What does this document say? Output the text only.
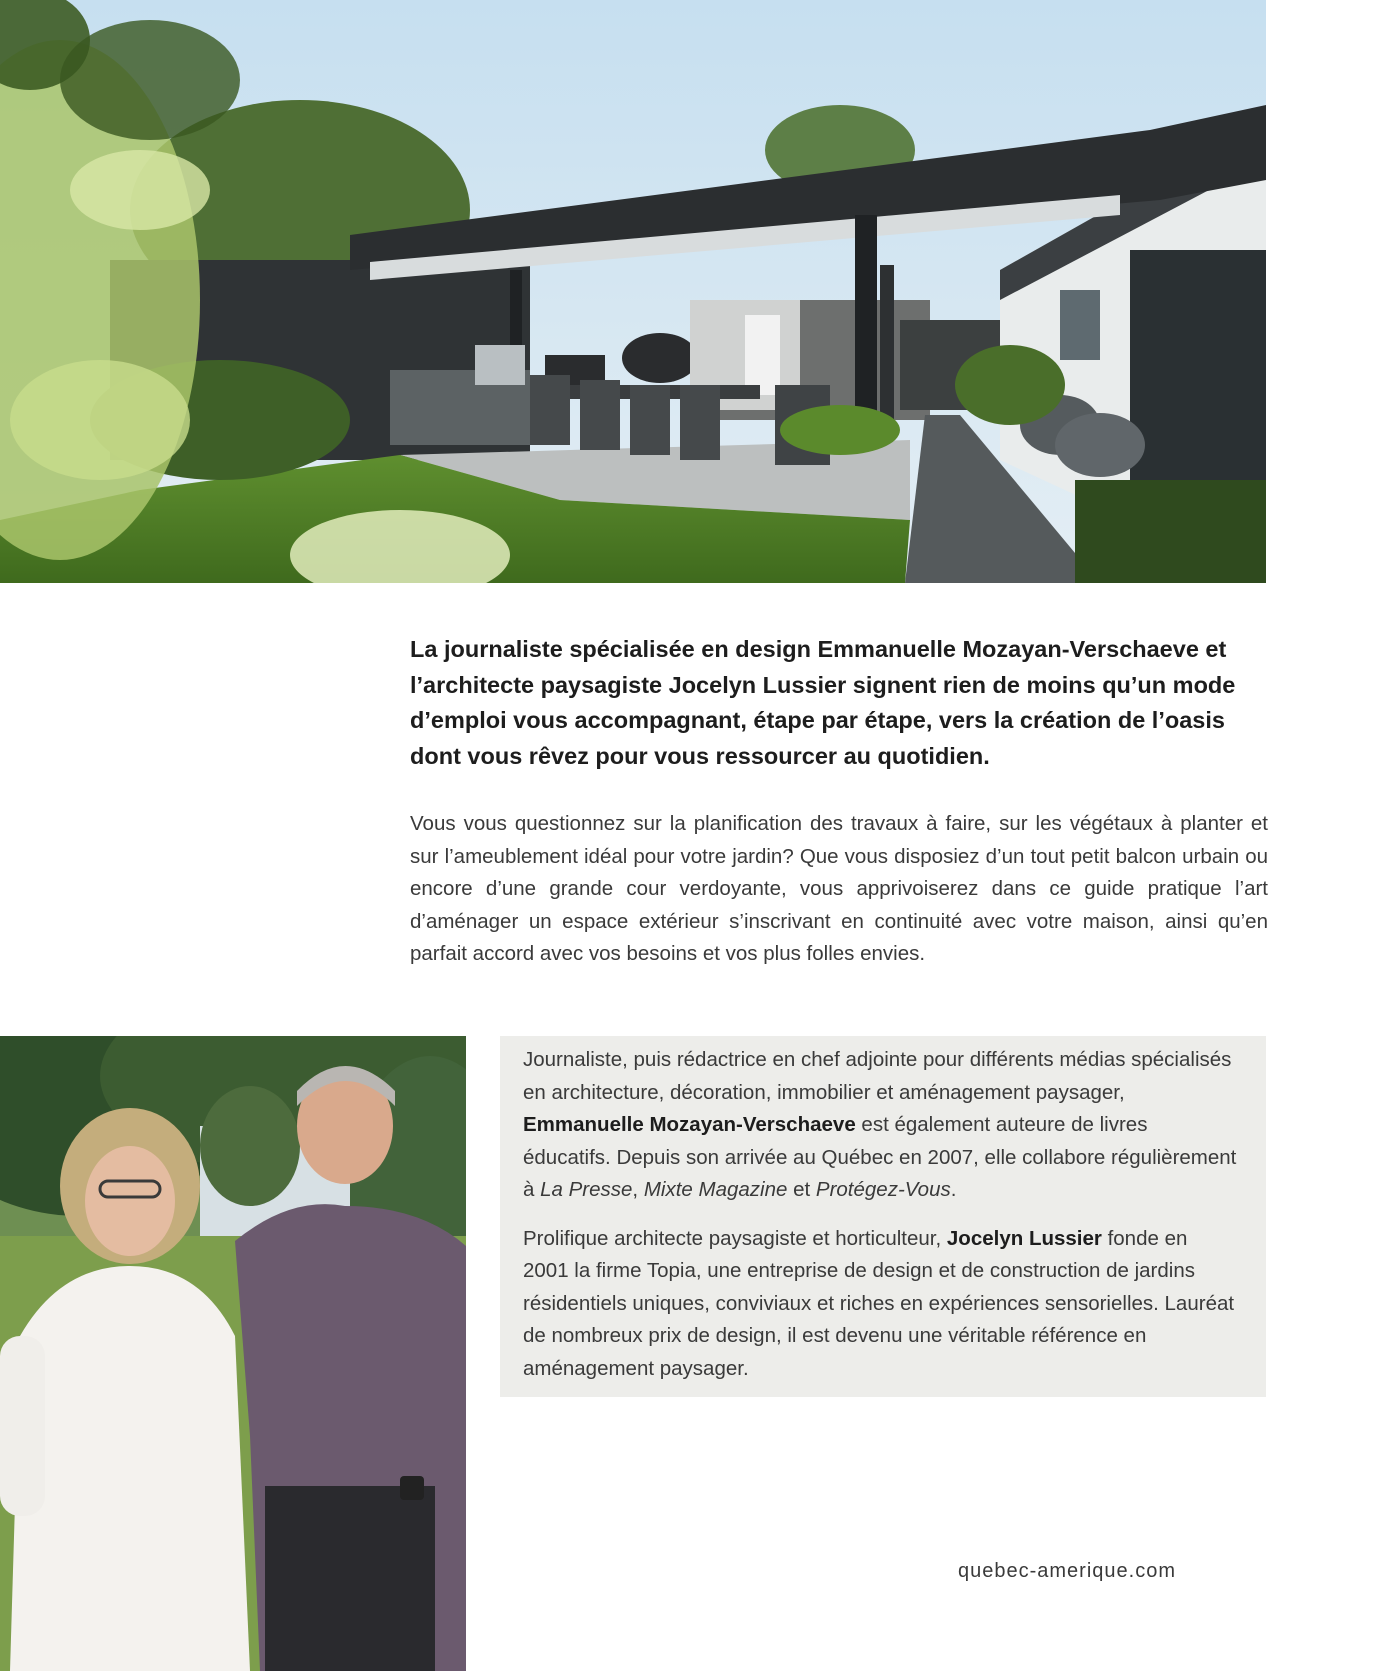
La journaliste spécialisée en design Emmanuelle Mozayan-Verschaeve et l’architecte paysagiste Jocelyn Lussier signent rien de moins qu’un mode d’emploi vous accompagnant, étape par étape, vers la création de l’oasis dont vous rêvez pour vous ressourcer au quotidien.

Vous vous questionnez sur la planification des travaux à faire, sur les végétaux à planter et sur l’ameublement idéal pour votre jardin? Que vous disposiez d’un tout petit balcon urbain ou encore d’une grande cour verdoyante, vous apprivoiserez dans ce guide pratique l’art d’aménager un espace extérieur s’inscrivant en continuité avec votre maison, ainsi qu’en parfait accord avec vos besoins et vos plus folles envies.

Journaliste, puis rédactrice en chef adjointe pour différents médias spécialisés en architecture, décoration, immobilier et aménagement paysager, Emmanuelle Mozayan-Verschaeve est également auteure de livres éducatifs. Depuis son arrivée au Québec en 2007, elle collabore régulièrement à La Presse, Mixte Magazine et Protégez-Vous.

Prolifique architecte paysagiste et horticulteur, Jocelyn Lussier fonde en 2001 la firme Topia, une entreprise de design et de construction de jardins résidentiels uniques, conviviaux et riches en expériences sensorielles. Lauréat de nombreux prix de design, il est devenu une véritable référence en aménagement paysager.

quebec-amerique.com
